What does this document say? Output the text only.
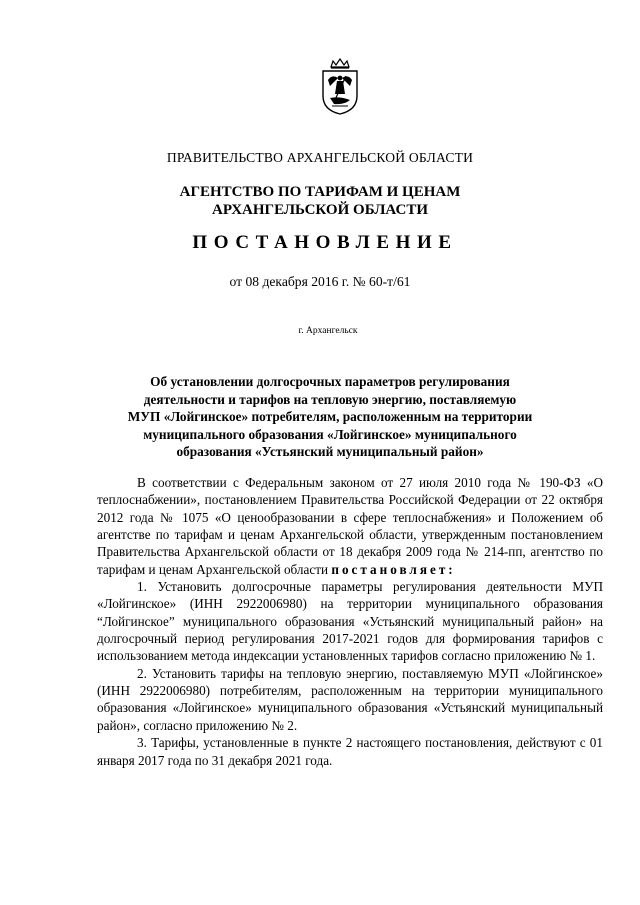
ПРАВИТЕЛЬСТВО АРХАНГЕЛЬСКОЙ ОБЛАСТИ

АГЕНТСТВО ПО ТАРИФАМ И ЦЕНАМ
АРХАНГЕЛЬСКОЙ ОБЛАСТИ

ПОСТАНОВЛЕНИЕ

от 08 декабря 2016 г. № 60-т/61

г. Архангельск

Об установлении долгосрочных параметров регулирования
деятельности и тарифов на тепловую энергию, поставляемую
МУП «Лойгинское» потребителям, расположенным на территории
муниципального образования «Лойгинское» муниципального
образования «Устьянский муниципальный район»

В соответствии с Федеральным законом от 27 июля 2010 года № 190-ФЗ «О теплоснабжении», постановлением Правительства Российской Федерации от 22 октября 2012 года № 1075 «О ценообразовании в сфере теплоснабжения» и Положением об агентстве по тарифам и ценам Архангельской области, утвержденным постановлением Правительства Архангельской области от 18 декабря 2009 года № 214-пп, агентство по тарифам и ценам Архангельской области постановляет:

1. Установить долгосрочные параметры регулирования деятельности МУП «Лойгинское» (ИНН 2922006980) на территории муниципального образования “Лойгинское” муниципального образования «Устьянский муниципальный район» на долгосрочный период регулирования 2017-2021 годов для формирования тарифов с использованием метода индексации установленных тарифов согласно приложению № 1.

2. Установить тарифы на тепловую энергию, поставляемую МУП «Лойгинское» (ИНН 2922006980) потребителям, расположенным на территории муниципального образования «Лойгинское» муниципального образования «Устьянский муниципальный район», согласно приложению № 2.

3. Тарифы, установленные в пункте 2 настоящего постановления, действуют с 01 января 2017 года по 31 декабря 2021 года.
